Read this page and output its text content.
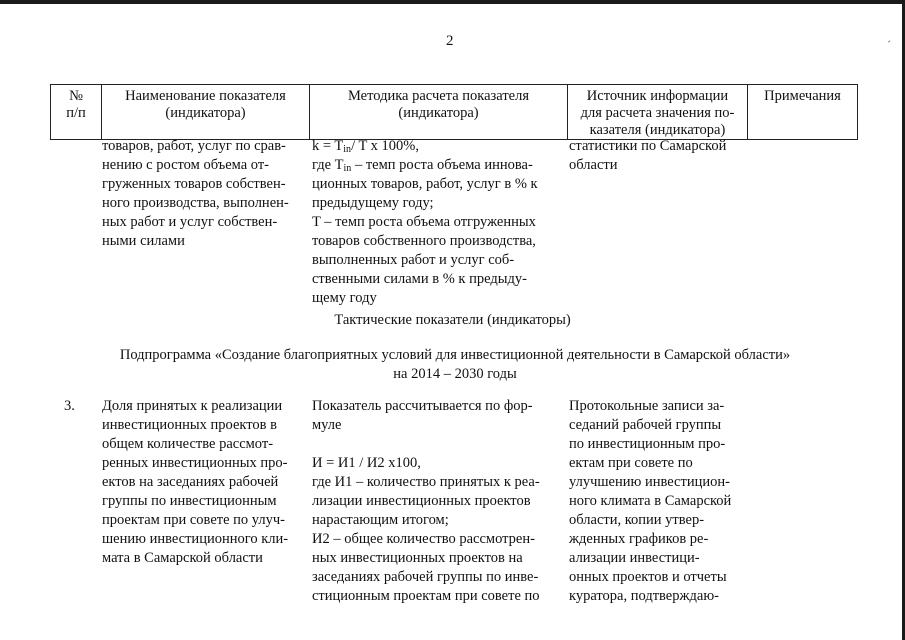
´
2
№
п/п
Наименование показателя
(индикатора)
Методика расчета показателя
(индикатора)
Источник информации
для расчета значения по-
казателя (индикатора)
Примечания
товаров, работ, услуг по срав-
нению с ростом объема от-
груженных товаров собствен-
ного производства, выполнен-
ных работ и услуг собствен-
ными силами
$k = T_{in}/$ T x 100%,
где $T_{in}$ – темп роста объема иннова-
ционных товаров, работ, услуг в % к
предыдущему году;
T – темп роста объема отгруженных
товаров собственного производства,
выполненных работ и услуг соб-
ственными силами в % к предыду-
щему году
статистики по Самарской
области
Тактические показатели (индикаторы)
Подпрограмма «Создание благоприятных условий для инвестиционной деятельности в Самарской области»
на 2014 – 2030 годы
3. Доля принятых к реализации
инвестиционных проектов в
общем количестве рассмот-
ренных инвестиционных про-
ектов на заседаниях рабочей
группы по инвестиционным
проектам при совете по улуч-
шению инвестиционного кли-
мата в Самарской области
Показатель рассчитывается по фор-
муле
И = И1 / И2 x100,
где И1 – количество принятых к реа-
лизации инвестиционных проектов
нарастающим итогом;
И2 – общее количество рассмотрен-
ных инвестиционных проектов на
заседаниях рабочей группы по инве-
стиционным проектам при совете по
Протокольные записи за-
седаний рабочей группы
по инвестиционным про-
ектам при совете по
улучшению инвестицион-
ного климата в Самарской
области, копии утвер-
жденных графиков ре-
ализации инвестици-
онных проектов и отчеты
куратора, подтверждаю-
